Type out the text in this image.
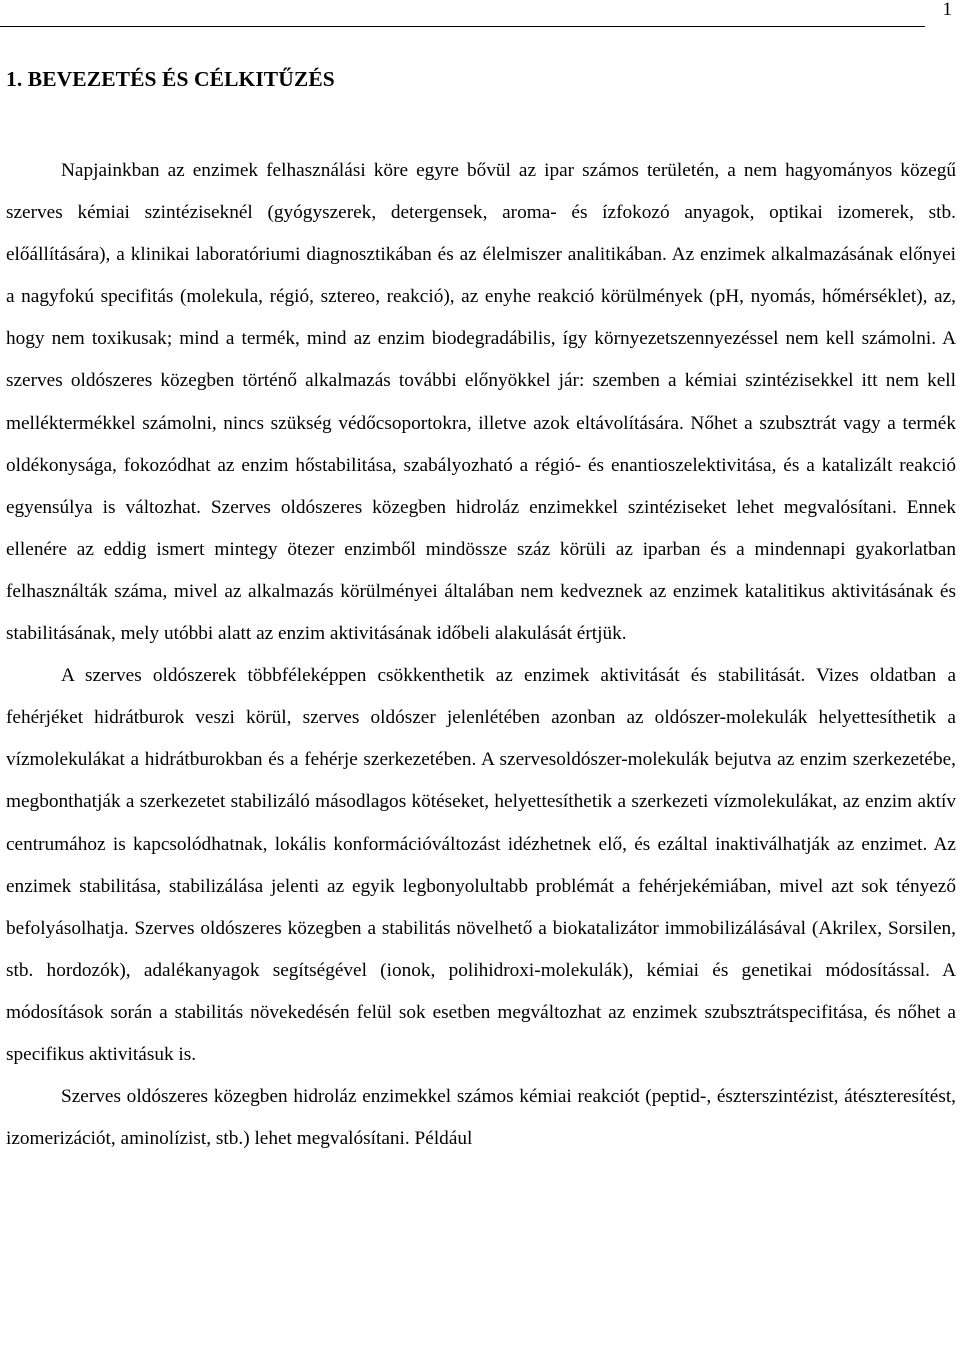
1
1. BEVEZETÉS ÉS CÉLKITŰZÉS

Napjainkban az enzimek felhasználási köre egyre bővül az ipar számos területén, a nem hagyományos közegű szerves kémiai szintéziseknél (gyógyszerek, detergensek, aroma- és ízfokozó anyagok, optikai izomerek, stb. előállítására), a klinikai laboratóriumi diagnosztikában és az élelmiszer analitikában. Az enzimek alkalmazásának előnyei a nagyfokú specifitás (molekula, régió, sztereo, reakció), az enyhe reakció körülmények (pH, nyomás, hőmérséklet), az, hogy nem toxikusak; mind a termék, mind az enzim biodegradábilis, így környezetszennyezéssel nem kell számolni. A szerves oldószeres közegben történő alkalmazás további előnyökkel jár: szemben a kémiai szintézisekkel itt nem kell melléktermékkel számolni, nincs szükség védőcsoportokra, illetve azok eltávolítására. Nőhet a szubsztrát vagy a termék oldékonysága, fokozódhat az enzim hőstabilitása, szabályozható a régió- és enantioszelektivitása, és a katalizált reakció egyensúlya is változhat. Szerves oldószeres közegben hidroláz enzimekkel szintéziseket lehet megvalósítani. Ennek ellenére az eddig ismert mintegy ötezer enzimből mindössze száz körüli az iparban és a mindennapi gyakorlatban felhasználták száma, mivel az alkalmazás körülményei általában nem kedveznek az enzimek katalitikus aktivitásának és stabilitásának, mely utóbbi alatt az enzim aktivitásának időbeli alakulását értjük.

A szerves oldószerek többféleképpen csökkenthetik az enzimek aktivitását és stabilitását. Vizes oldatban a fehérjéket hidrátburok veszi körül, szerves oldószer jelenlétében azonban az oldószer-molekulák helyettesíthetik a vízmolekulákat a hidrátburokban és a fehérje szerkezetében. A szervesoldószer-molekulák bejutva az enzim szerkezetébe, megbonthatják a szerkezetet stabilizáló másodlagos kötéseket, helyettesíthetik a szerkezeti vízmolekulákat, az enzim aktív centrumához is kapcsolódhatnak, lokális konformációváltozást idézhetnek elő, és ezáltal inaktiválhatják az enzimet. Az enzimek stabilitása, stabilizálása jelenti az egyik legbonyolultabb problémát a fehérjekémiában, mivel azt sok tényező befolyásolhatja. Szerves oldószeres közegben a stabilitás növelhető a biokatalizátor immobilizálásával (Akrilex, Sorsilen, stb. hordozók), adalékanyagok segítségével (ionok, polihidroxi-molekulák), kémiai és genetikai módosítással. A módosítások során a stabilitás növekedésén felül sok esetben megváltozhat az enzimek szubsztrátspecifitása, és nőhet a specifikus aktivitásuk is.

Szerves oldószeres közegben hidroláz enzimekkel számos kémiai reakciót (peptid-, észterszintézist, átészteresítést, izomerizációt, aminolízist, stb.) lehet megvalósítani. Például
